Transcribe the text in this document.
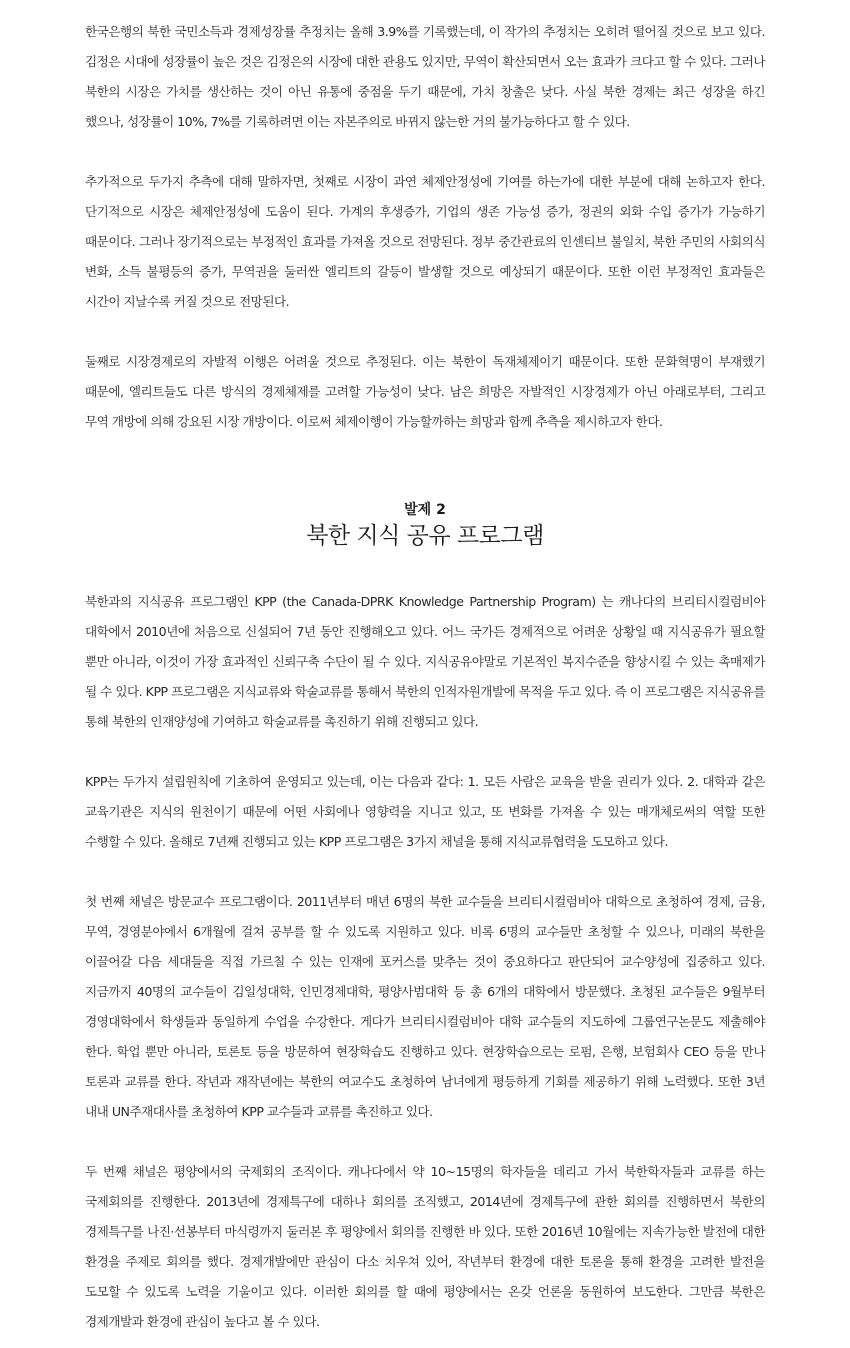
한국은행의 북한 국민소득과 경제성장률 추정치는 올해 3.9%를 기록했는데, 이 작가의 추정치는 오히려 떨어질 것으로 보고 있다. 김정은 시대에 성장률이 높은 것은 김정은의 시장에 대한 관용도 있지만, 무역이 확산되면서 오는 효과가 크다고 할 수 있다. 그러나 북한의 시장은 가치를 생산하는 것이 아닌 유통에 중점을 두기 때문에, 가치 창출은 낮다. 사실 북한 경제는 최근 성장을 하긴 했으나, 성장률이 10%, 7%를 기록하려면 이는 자본주의로 바뀌지 않는한 거의 불가능하다고 할 수 있다.

추가적으로 두가지 추측에 대해 말하자면, 첫째로 시장이 과연 체제안정성에 기여를 하는가에 대한 부분에 대해 논하고자 한다. 단기적으로 시장은 체제안정성에 도움이 된다. 가계의 후생증가, 기업의 생존 가능성 증가, 정권의 외화 수입 증가가 가능하기 때문이다. 그러나 장기적으로는 부정적인 효과를 가져올 것으로 전망된다. 정부 중간관료의 인센티브 불일치, 북한 주민의 사회의식 변화, 소득 불평등의 증가, 무역권을 둘러싼 엘리트의 갈등이 발생할 것으로 예상되기 때문이다. 또한 이런 부정적인 효과들은 시간이 지날수록 커질 것으로 전망된다.

둘째로 시장경제로의 자발적 이행은 어려울 것으로 추정된다. 이는 북한이 독재체제이기 때문이다. 또한 문화혁명이 부재했기 때문에, 엘리트들도 다른 방식의 경제체제를 고려할 가능성이 낮다. 남은 희망은 자발적인 시장경제가 아닌 아래로부터, 그리고 무역 개방에 의해 강요된 시장 개방이다. 이로써 체제이행이 가능할까하는 희망과 함께 추측을 제시하고자 한다.

발제 2
북한 지식 공유 프로그램

북한과의 지식공유 프로그램인 KPP (the Canada-DPRK Knowledge Partnership Program) 는 캐나다의 브리티시컬럼비아 대학에서 2010년에 처음으로 신설되어 7년 동안 진행해오고 있다. 어느 국가든 경제적으로 어려운 상황일 때 지식공유가 필요할 뿐만 아니라, 이것이 가장 효과적인 신뢰구축 수단이 될 수 있다. 지식공유야말로 기본적인 복지수준을 향상시킬 수 있는 촉매제가 될 수 있다. KPP 프로그램은 지식교류와 학술교류를 통해서 북한의 인적자원개발에 목적을 두고 있다. 즉 이 프로그램은 지식공유를 통해 북한의 인재양성에 기여하고 학술교류를 촉진하기 위해 진행되고 있다.

KPP는 두가지 설립원칙에 기초하여 운영되고 있는데, 이는 다음과 같다: 1. 모든 사람은 교육을 받을 권리가 있다. 2. 대학과 같은 교육기관은 지식의 원천이기 때문에 어떤 사회에나 영향력을 지니고 있고, 또 변화를 가져올 수 있는 매개체로써의 역할 또한 수행할 수 있다. 올해로 7년째 진행되고 있는 KPP 프로그램은 3가지 채널을 통해 지식교류협력을 도모하고 있다.

첫 번째 채널은 방문교수 프로그램이다. 2011년부터 매년 6명의 북한 교수들을 브리티시컬럼비아 대학으로 초청하여 경제, 금융, 무역, 경영분야에서 6개월에 걸쳐 공부를 할 수 있도록 지원하고 있다. 비록 6명의 교수들만 초청할 수 있으나, 미래의 북한을 이끌어갈 다음 세대들을 직접 가르칠 수 있는 인재에 포커스를 맞추는 것이 중요하다고 판단되어 교수양성에 집중하고 있다. 지금까지 40명의 교수들이 김일성대학, 인민경제대학, 평양사범대학 등 총 6개의 대학에서 방문했다. 초청된 교수들은 9월부터 경영대학에서 학생들과 동일하게 수업을 수강한다. 게다가 브리티시컬럼비아 대학 교수들의 지도하에 그룹연구논문도 제출해야 한다. 학업 뿐만 아니라, 토론토 등을 방문하여 현장학습도 진행하고 있다. 현장학습으로는 로펌, 은행, 보험회사 CEO 등을 만나 토론과 교류를 한다. 작년과 재작년에는 북한의 여교수도 초청하여 남녀에게 평등하게 기회를 제공하기 위해 노력했다. 또한 3년 내내 UN주재대사를 초청하여 KPP 교수들과 교류를 촉진하고 있다.

두 번째 채널은 평양에서의 국제회의 조직이다. 캐나다에서 약 10~15명의 학자들을 데리고 가서 북한학자들과 교류를 하는 국제회의를 진행한다. 2013년에 경제특구에 대하나 회의를 조직했고, 2014년에 경제특구에 관한 회의를 진행하면서 북한의 경제특구를 나진·선봉부터 마식령까지 둘러본 후 평양에서 회의를 진행한 바 있다. 또한 2016년 10월에는 지속가능한 발전에 대한 환경을 주제로 회의를 했다. 경제개발에만 관심이 다소 치우쳐 있어, 작년부터 환경에 대한 토론을 통해 환경을 고려한 발전을 도모할 수 있도록 노력을 기울이고 있다. 이러한 회의를 할 때에 평양에서는 온갖 언론을 동원하여 보도한다. 그만큼 북한은 경제개발과 환경에 관심이 높다고 볼 수 있다.
